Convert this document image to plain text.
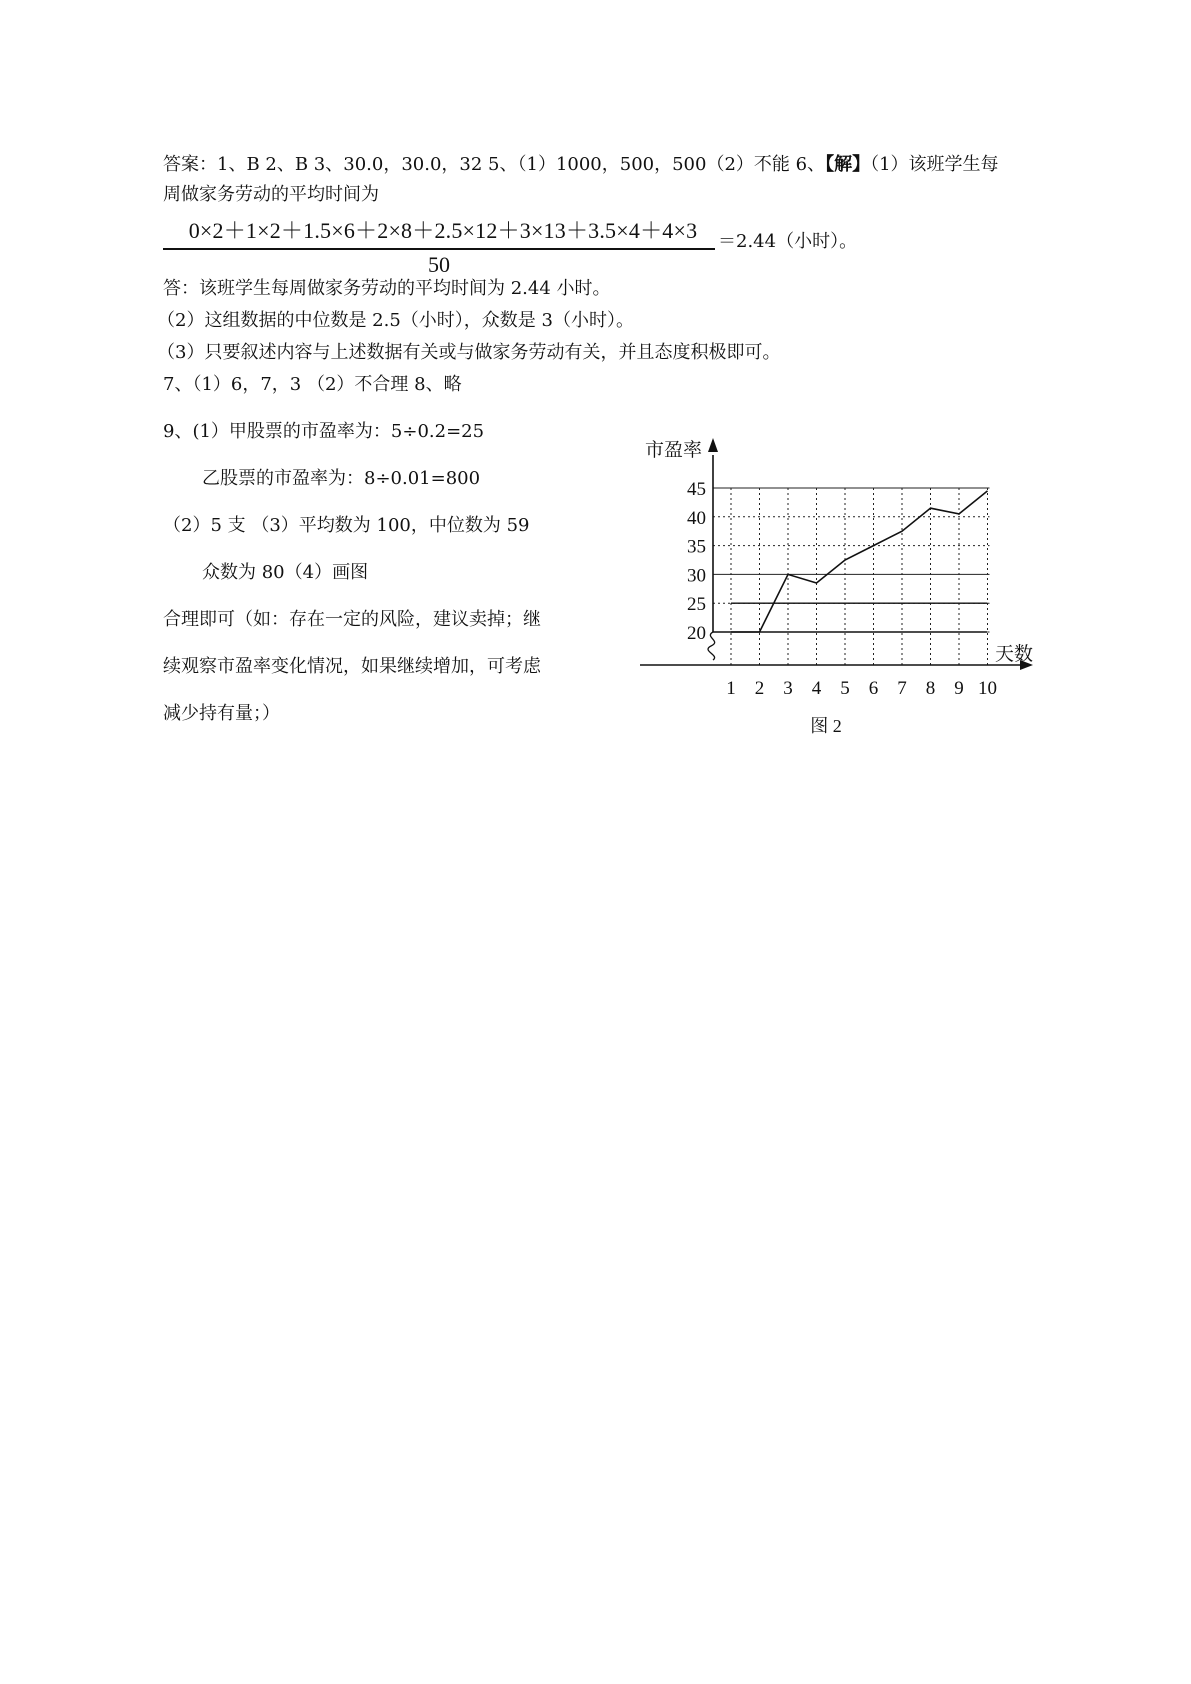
答案：1、B 2、B 3、30.0，30.0，32 5、（1）1000，500，500（2）不能 6、【解】（1）该班学生每
周做家务劳动的平均时间为
0×2＋1×2＋1.5×6＋2×8＋2.5×12＋3×13＋3.5×4＋4×3
50
＝2.44（小时）。
答：该班学生每周做家务劳动的平均时间为 2.44 小时。
（2）这组数据的中位数是 2.5（小时），众数是 3（小时）。
（3）只要叙述内容与上述数据有关或与做家务劳动有关，并且态度积极即可。
7、（1）6，7，3 （2）不合理 8、略
9、(1）甲股票的市盈率为：5÷0.2=25
乙股票的市盈率为：8÷0.01=800
（2）5 支 （3）平均数为 100，中位数为 59
众数为 80（4）画图
合理即可（如：存在一定的风险，建议卖掉；继
续观察市盈率变化情况，如果继续增加，可考虑
减少持有量；）
20
25
30
35
40
45
1 2 3 4 5 6 7 8 9 10
市盈率
天数
图 2
